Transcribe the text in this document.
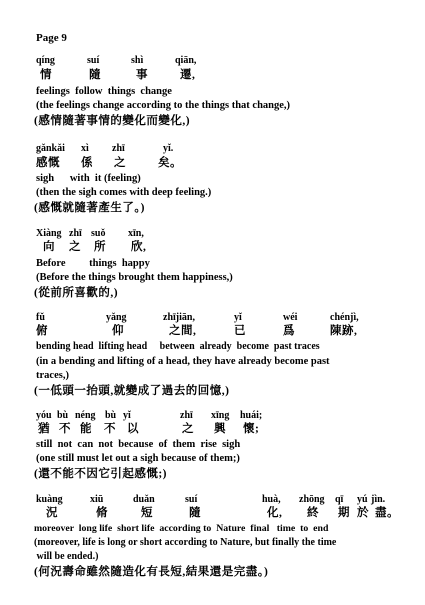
Page 9
qíng	suí	shì	qiān,
情	隨	事	遷,
feelings  follow  things  change
(the feelings change according to the things that change,)
(感情隨著事情的變化而變化,)
gǎnkǎi xì zhī	yǐ.
感慨 係 之	矣。
sigh      with  it (feeling)
(then the sigh comes with deep feeling.)
(感慨就隨著產生了。)
Xiàng zhī suǒ xīn,
向 之 所 欣,
Before         things  happy
(Before the things brought them happiness,)
(從前所喜歡的,)
fǔ	yǎng	zhījiān,	yǐ	wéi	chénjì,
俯	仰	之間,	已	爲	陳跡,
bending head  lifting head     between  already  become  past traces
(in a bending and lifting of a head, they have already become past
traces,)
(一低頭一抬頭,就變成了過去的回憶,)
yóu bù néng bù yǐ	zhī xīng huái;
猶 不 能 不 以	之 興 懷;
still  not  can  not  because  of  them  rise  sigh
(one still must let out a sigh because of them;)
(還不能不因它引起感慨;)
kuàng	xiū	duǎn	suí	huà, zhōng qī yú jìn.
況	脩	短	隨	化, 終 期 於 盡。
moreover  long life  short life  according to  Nature  final   time  to  end
(moreover, life is long or short according to Nature, but finally the time
will be ended.)
(何況壽命雖然隨造化有長短,結果還是完盡。)
